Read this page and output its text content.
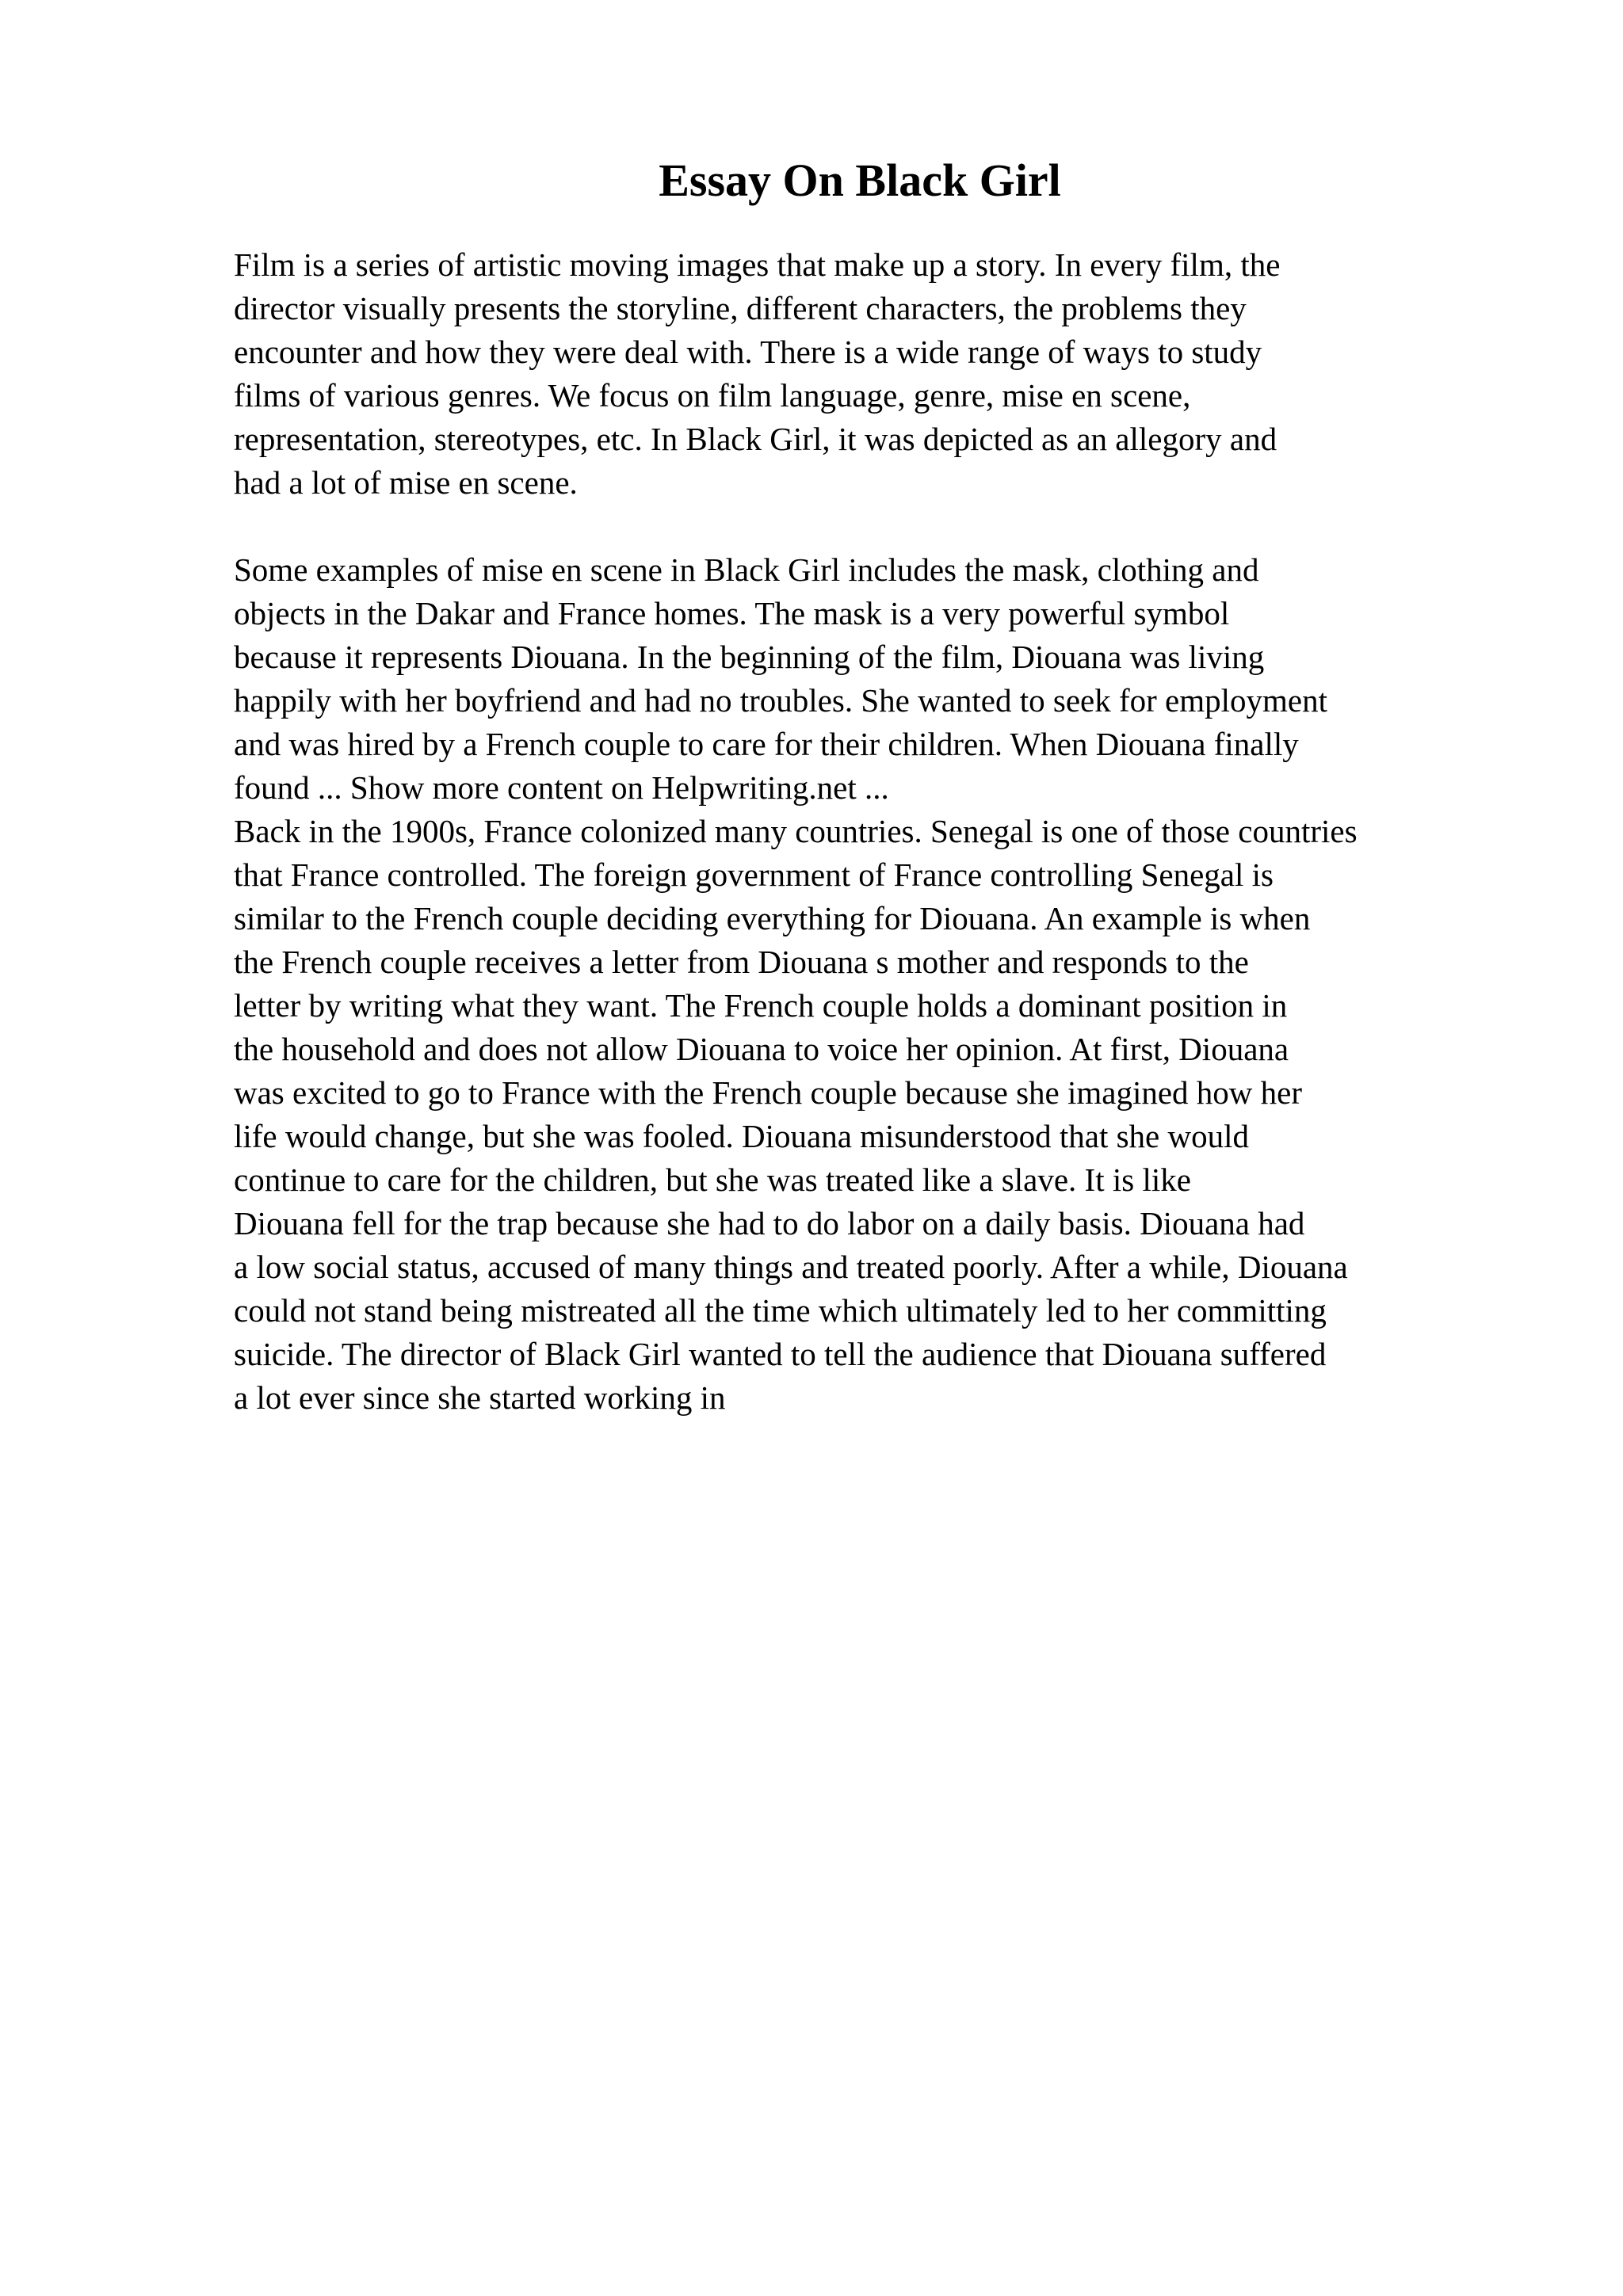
Essay On Black Girl

Film is a series of artistic moving images that make up a story. In every film, the

director visually presents the storyline, different characters, the problems they

encounter and how they were deal with. There is a wide range of ways to study

films of various genres. We focus on film language, genre, mise en scene,

representation, stereotypes, etc. In Black Girl, it was depicted as an allegory and

had a lot of mise en scene.

Some examples of mise en scene in Black Girl includes the mask, clothing and

objects in the Dakar and France homes. The mask is a very powerful symbol

because it represents Diouana. In the beginning of the film, Diouana was living

happily with her boyfriend and had no troubles. She wanted to seek for employment

and was hired by a French couple to care for their children. When Diouana finally

found ... Show more content on Helpwriting.net ...

Back in the 1900s, France colonized many countries. Senegal is one of those countries

that France controlled. The foreign government of France controlling Senegal is

similar to the French couple deciding everything for Diouana. An example is when

the French couple receives a letter from Diouana s mother and responds to the

letter by writing what they want. The French couple holds a dominant position in

the household and does not allow Diouana to voice her opinion. At first, Diouana

was excited to go to France with the French couple because she imagined how her

life would change, but she was fooled. Diouana misunderstood that she would

continue to care for the children, but she was treated like a slave. It is like

Diouana fell for the trap because she had to do labor on a daily basis. Diouana had

a low social status, accused of many things and treated poorly. After a while, Diouana

could not stand being mistreated all the time which ultimately led to her committing

suicide. The director of Black Girl wanted to tell the audience that Diouana suffered

a lot ever since she started working in
